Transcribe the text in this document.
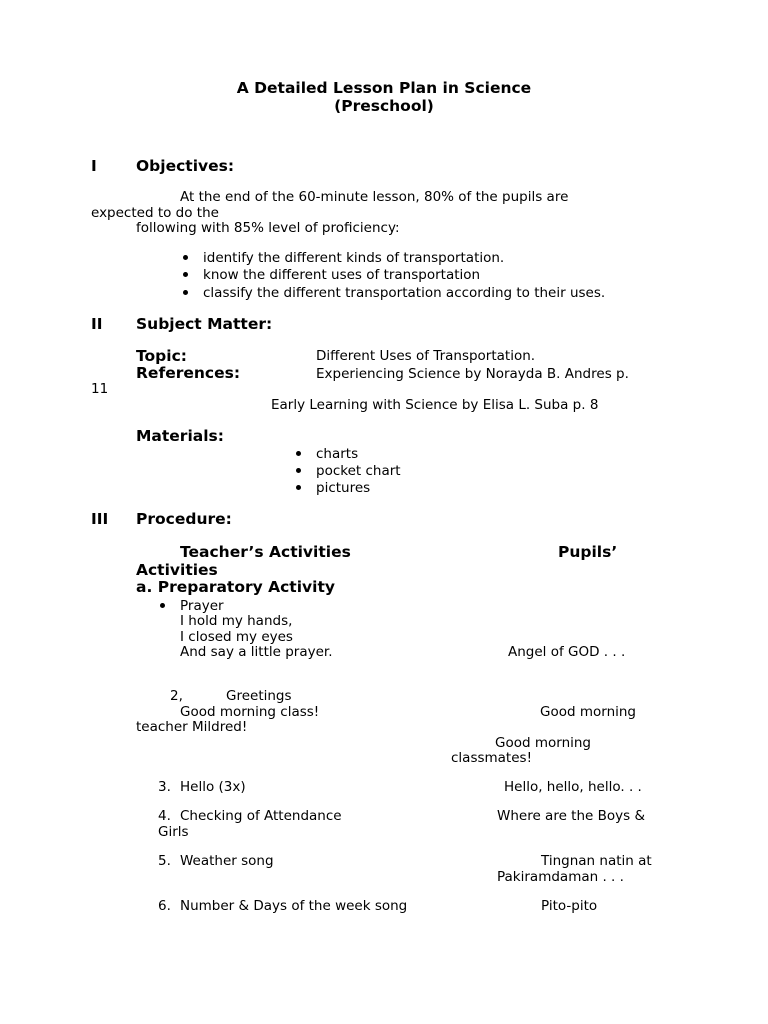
A Detailed Lesson Plan in Science
(Preschool)
I	Objectives:
At the end of the 60-minute lesson, 80% of the pupils are
expected to do the
following with 85% level of proficiency:
identify the different kinds of transportation.
know the different uses of transportation
classify the different transportation according to their uses.
II Subject Matter:
Topic:	Different Uses of Transportation.
References:	Experiencing Science by Norayda B. Andres p.
11
Early Learning with Science by Elisa L. Suba p. 8
Materials:
charts
pocket chart
pictures
III Procedure:
Teacher’s Activities	Pupils’
Activities
a. Preparatory Activity
Prayer
I hold my hands,
I closed my eyes
And say a little prayer.	Angel of GOD . . .
2,	Greetings
Good morning class!	Good morning
teacher Mildred!
Good morning
classmates!
3. Hello (3x)	Hello, hello, hello. . .
4. Checking of Attendance	Where are the Boys &
Girls
5. Weather song	Tingnan natin at
Pakiramdaman . . .
6. Number & Days of the week song	Pito-pito
